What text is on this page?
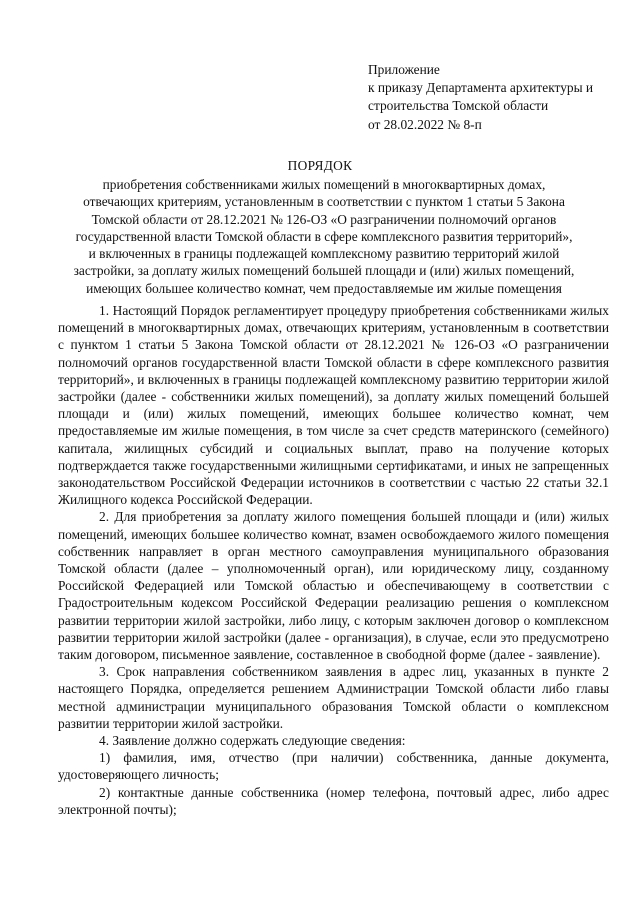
Приложение
к приказу Департамента архитектуры и
строительства Томской области
от 28.02.2022 № 8-п
ПОРЯДОК
приобретения собственниками жилых помещений в многоквартирных домах,
отвечающих критериям, установленным в соответствии с пунктом 1 статьи 5 Закона
Томской области от 28.12.2021 № 126-ОЗ «О разграничении полномочий органов
государственной власти Томской области в сфере комплексного развития территорий»,
и включенных в границы подлежащей комплексному развитию территорий жилой
застройки, за доплату жилых помещений большей площади и (или) жилых помещений,
имеющих большее количество комнат, чем предоставляемые им жилые помещения

1. Настоящий Порядок регламентирует процедуру приобретения собственниками жилых помещений в многоквартирных домах, отвечающих критериям, установленным в соответствии с пунктом 1 статьи 5 Закона Томской области от 28.12.2021 № 126-ОЗ «О разграничении полномочий органов государственной власти Томской области в сфере комплексного развития территорий», и включенных в границы подлежащей комплексному развитию территории жилой застройки (далее - собственники жилых помещений), за доплату жилых помещений большей площади и (или) жилых помещений, имеющих большее количество комнат, чем предоставляемые им жилые помещения, в том числе за счет средств материнского (семейного) капитала, жилищных субсидий и социальных выплат, право на получение которых подтверждается также государственными жилищными сертификатами, и иных не запрещенных законодательством Российской Федерации источников в соответствии с частью 22 статьи 32.1 Жилищного кодекса Российской Федерации.

2. Для приобретения за доплату жилого помещения большей площади и (или) жилых помещений, имеющих большее количество комнат, взамен освобождаемого жилого помещения собственник направляет в орган местного самоуправления муниципального образования Томской области (далее – уполномоченный орган), или юридическому лицу, созданному Российской Федерацией или Томской областью и обеспечивающему в соответствии с Градостроительным кодексом Российской Федерации реализацию решения о комплексном развитии территории жилой застройки, либо лицу, с которым заключен договор о комплексном развитии территории жилой застройки (далее - организация), в случае, если это предусмотрено таким договором, письменное заявление, составленное в свободной форме (далее - заявление).

3. Срок направления собственником заявления в адрес лиц, указанных в пункте 2 настоящего Порядка, определяется решением Администрации Томской области либо главы местной администрации муниципального образования Томской области о комплексном развитии территории жилой застройки.

4. Заявление должно содержать следующие сведения:

1) фамилия, имя, отчество (при наличии) собственника, данные документа, удостоверяющего личность;

2) контактные данные собственника (номер телефона, почтовый адрес, либо адрес электронной почты);
